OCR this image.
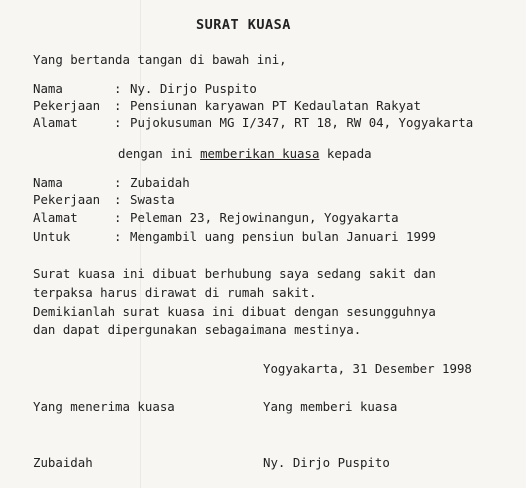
SURAT KUASA
Yang bertanda tangan di bawah ini,
Nama	: Ny. Dirjo Puspito
Pekerjaan : Pensiunan karyawan PT Kedaulatan Rakyat
Alamat	: Pujokusuman MG I/347, RT 18, RW 04, Yogyakarta
dengan ini memberikan kuasa kepada
Nama	: Zubaidah
Pekerjaan : Swasta
Alamat	: Peleman 23, Rejowinangun, Yogyakarta
Untuk	: Mengambil uang pensiun bulan Januari 1999
Surat kuasa ini dibuat berhubung saya sedang sakit dan
terpaksa harus dirawat di rumah sakit.
Demikianlah surat kuasa ini dibuat dengan sesungguhnya
dan dapat dipergunakan sebagaimana mestinya.
Yogyakarta, 31 Desember 1998
Yang menerima kuasa	Yang memberi kuasa
Zubaidah	Ny. Dirjo Puspito
